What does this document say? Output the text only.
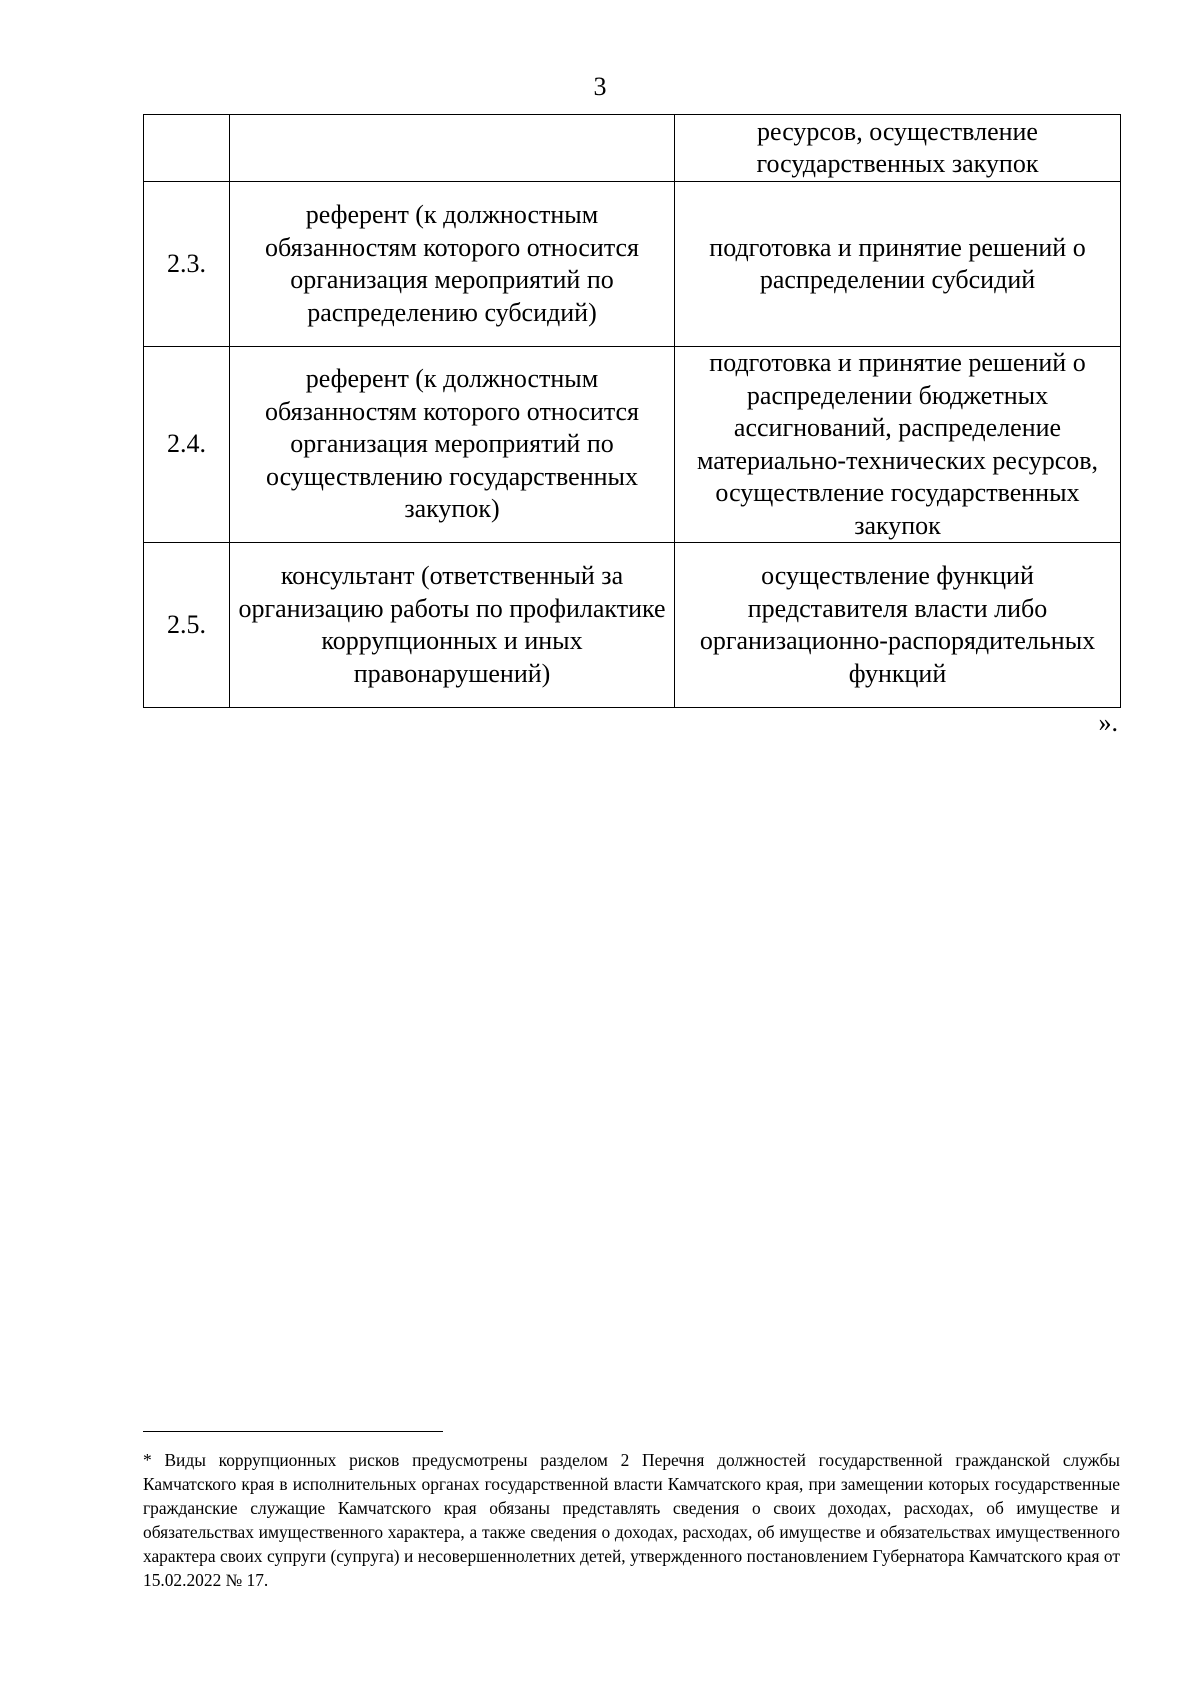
3
		ресурсов, осуществление государственных закупок
2.3.	референт (к должностным обязанностям которого относится организация мероприятий по распределению субсидий)	подготовка и принятие решений о распределении субсидий
2.4.	референт (к должностным обязанностям которого относится организация мероприятий по осуществлению государственных закупок)	подготовка и принятие решений о распределении бюджетных ассигнований, распределение материально-технических ресурсов, осуществление государственных закупок
2.5.	консультант (ответственный за организацию работы по профилактике коррупционных и иных правонарушений)	осуществление функций представителя власти либо организационно-распорядительных функций
».

* Виды коррупционных рисков предусмотрены разделом 2 Перечня должностей государственной гражданской службы Камчатского края в исполнительных органах государственной власти Камчатского края, при замещении которых государственные гражданские служащие Камчатского края обязаны представлять сведения о своих доходах, расходах, об имуществе и обязательствах имущественного характера, а также сведения о доходах, расходах, об имуществе и обязательствах имущественного характера своих супруги (супруга) и несовершеннолетних детей, утвержденного постановлением Губернатора Камчатского края от 15.02.2022 № 17.
